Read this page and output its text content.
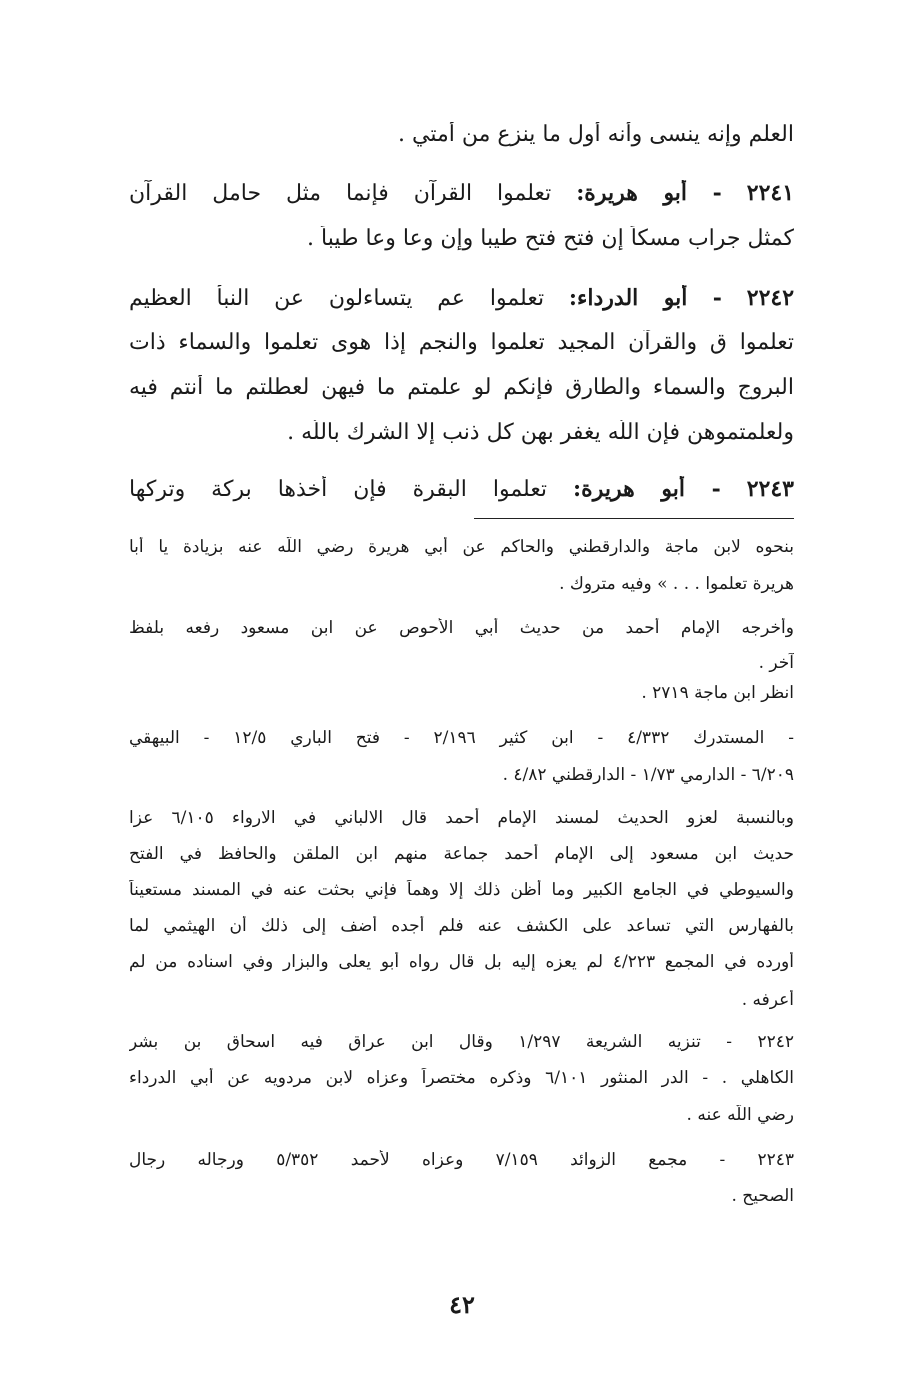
العلم وإنه ينسى وأنه أول ما ينزع من أمتي .
٢٢٤١ - أبو هريرة: تعلموا القرآن فإنما مثل حامل القرآن
كمثل جراب مسكاً إن فتح فتح طيبا وإن وعا وعا طيباً .
٢٢٤٢ - أبو الدرداء: تعلموا عم يتساءلون عن النبأ العظيم
تعلموا ق والقرآن المجيد تعلموا والنجم إذا هوى تعلموا والسماء ذات
البروج والسماء والطارق فإنكم لو علمتم ما فيهن لعطلتم ما أنتم فيه
ولعلمتموهن فإن اللّه يغفر بهن كل ذنب إلا الشرك باللّه .
٢٢٤٣ - أبو هريرة: تعلموا البقرة فإن أخذها بركة وتركها
بنحوه لابن ماجة والدارقطني والحاكم عن أبي هريرة رضي اللّه عنه بزيادة يا أبا
هريرة تعلموا . . . » وفيه متروك .
وأخرجه الإمام أحمد من حديث أبي الأحوص عن ابن مسعود رفعه بلفظ
آخر .
انظر ابن ماجة ٢٧١٩ .
- المستدرك ٤/٣٣٢ - ابن كثير ٢/١٩٦ - فتح الباري ١٢/٥ - البيهقي
٦/٢٠٩ - الدارمي ١/٧٣ - الدارقطني ٤/٨٢ .
وبالنسبة لعزو الحديث لمسند الإمام أحمد قال الالباني في الارواء ٦/١٠٥ عزا
حديث ابن مسعود إلى الإمام أحمد جماعة منهم ابن الملقن والحافظ في الفتح
والسيوطي في الجامع الكبير وما أظن ذلك إلا وهماً فإني بحثت عنه في المسند مستعيناً
بالفهارس التي تساعد على الكشف عنه فلم أجده أضف إلى ذلك أن الهيثمي لما
أورده في المجمع ٤/٢٢٣ لم يعزه إليه بل قال رواه أبو يعلى والبزار وفي اسناده من لم
أعرفه .
٢٢٤٢ - تنزيه الشريعة ١/٢٩٧ وقال ابن عراق فيه اسحاق بن بشر
الكاهلي . - الدر المنثور ٦/١٠١ وذكره مختصراً وعزاه لابن مردويه عن أبي الدرداء
رضي اللّه عنه .
٢٢٤٣ - مجمع الزوائد ٧/١٥٩ وعزاه لأحمد ٥/٣٥٢ ورجاله رجال
الصحيح .
٤٢
